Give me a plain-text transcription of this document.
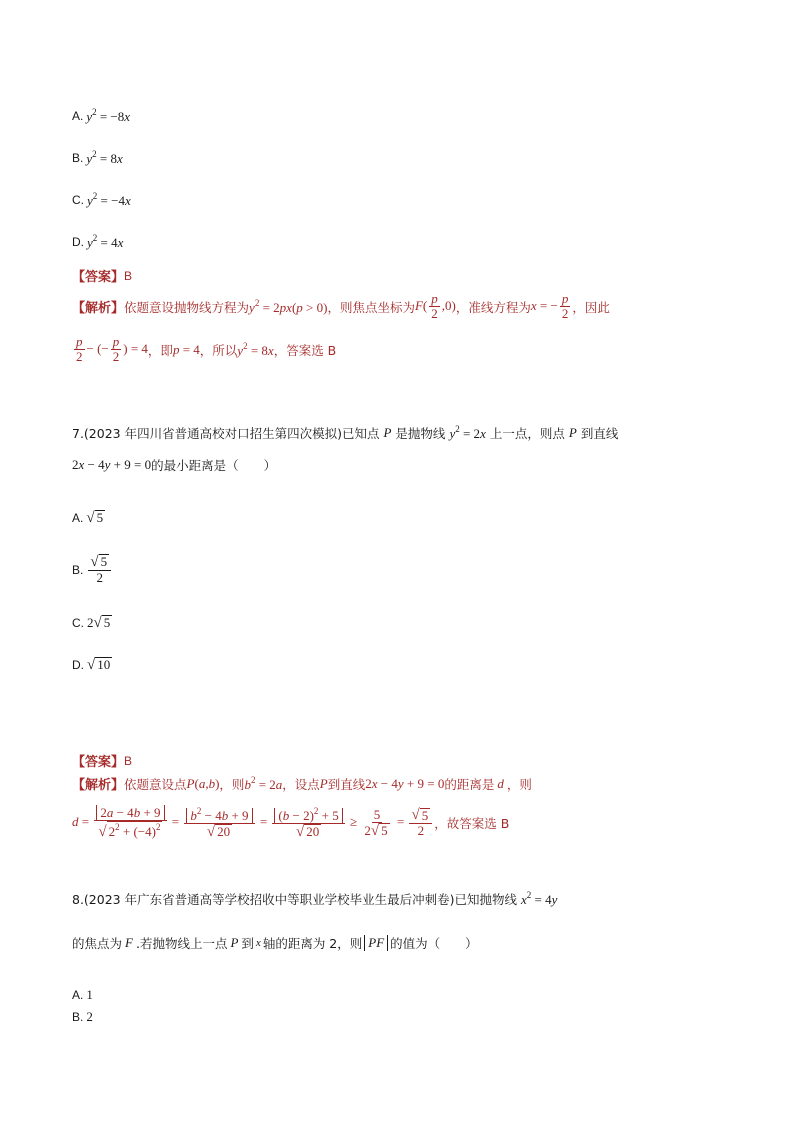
A. $y^2 = -8x$
B. $y^2 = 8x$
C. $y^2 = -4x$
D. $y^2 = 4x$
【答案】 B
【解析】 依题意设抛物线方程为 $y^2 = 2px(p > 0)$ ，则焦点坐标为 $F( \frac{p}{2} ,0)$ ，准线方程为 x = − $\frac{p}{2}$ ，因此
$\frac{p}{2}$ − (− $\frac{p}{2}$ ) = 4 ，即 p = 4 ，所以 $y^2 = 8x$ ，答案选 B
7.(2023 年四川省普通高校对口招生第四次模拟)已知点 P 是抛物线 $y^2 = 2x$ 上一点，则点 P 到直线
2x − 4y + 9 = 0 的最小距离是（　　）
A. √ 5
B. $\frac{√ 5}{2}$
C. 2 √ 5
D. √ 10
【答案】 B
【解析】 依题意设点 P(a,b) ，则 $b^2 = 2a$ ，设点 P 到直线 2x − 4y + 9 = 0 的距离是 d ，则
$d = \frac{2a - 4b + 9}{√ 2^2 + (-4)^2} = \frac{b^2 - 4b + 9}{√ 20} = \frac{(b - 2)^2 + 5}{√ 20} \ge \frac{5}{2 √ 5} = \frac{√ 5}{2}$ ，故答案选 B
8.(2023 年广东省普通高等学校招收中等职业学校毕业生最后冲刺卷)已知抛物线 $x^2 = 4y$
的焦点为 F .若抛物线上一点 P 到 x 轴的距离为 2，则 PF 的值为（　　）
A. 1
B. 2
